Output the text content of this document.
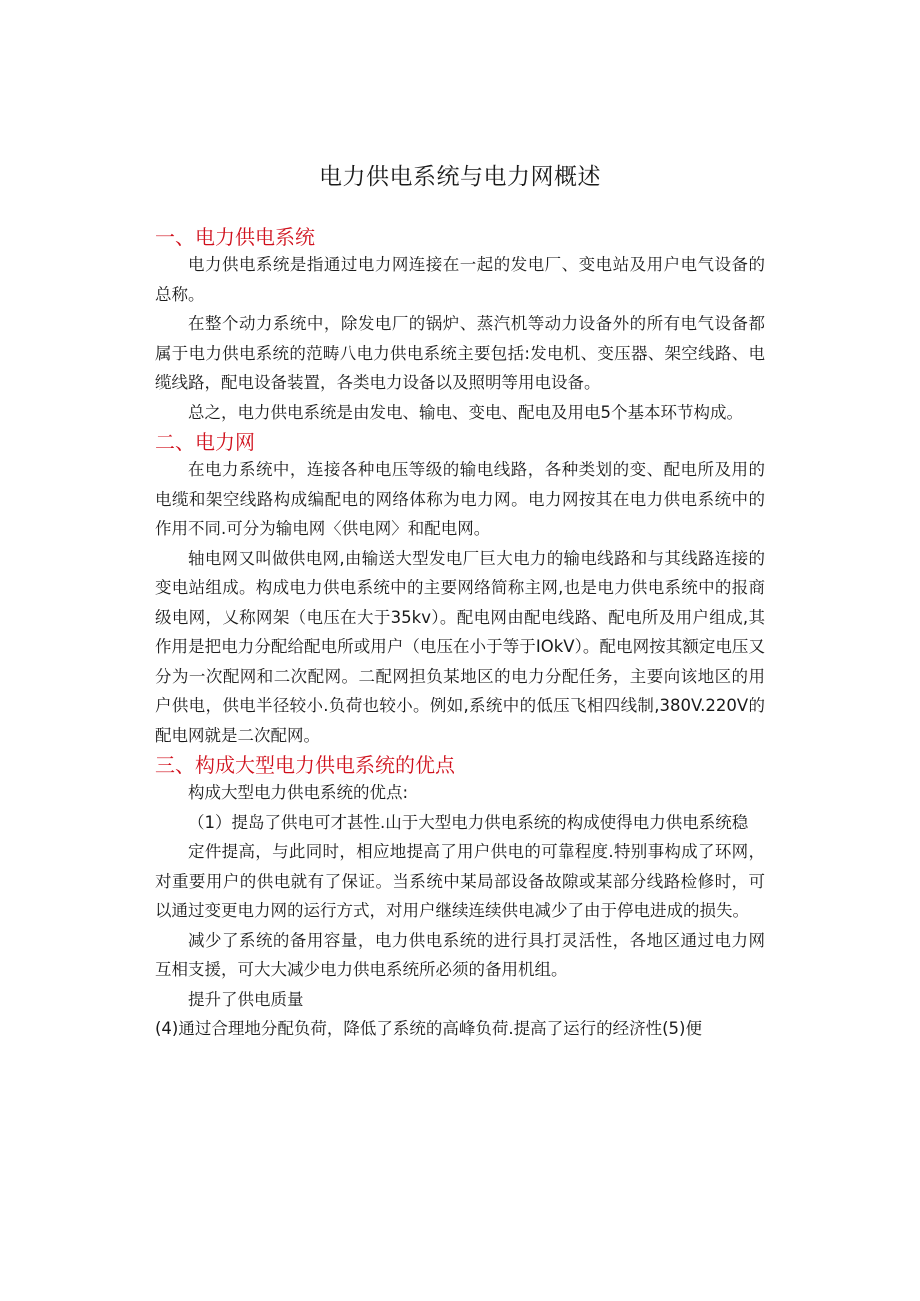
电力供电系统与电力网概述
一、电力供电系统

电力供电系统是指通过电力网连接在一起的发电厂、变电站及用户电气设备的总称。

在整个动力系统中，除发电厂的锅炉、蒸汽机等动力设备外的所有电气设备都属于电力供电系统的范畴八电力供电系统主要包括:发电机、变压器、架空线路、电缆线路，配电设备装置，各类电力设备以及照明等用电设备。

总之，电力供电系统是由发电、输电、变电、配电及用电5个基本环节构成。

二、电力网

在电力系统中，连接各种电压等级的输电线路，各种类划的变、配电所及用的电缆和架空线路构成编配电的网络体称为电力网。电力网按其在电力供电系统中的作用不同.可分为输电网〈供电网〉和配电网。

轴电网又叫做供电网,由输送大型发电厂巨大电力的输电线路和与其线路连接的变电站组成。构成电力供电系统中的主要网络简称主网,也是电力供电系统中的报商级电网，乂称网架（电压在大于35kv）。配电网由配电线路、配电所及用户组成,其作用是把电力分配给配电所或用户（电压在小于等于IOkV）。配电网按其额定电压又分为一次配网和二次配网。二配网担负某地区的电力分配任务，主要向该地区的用户供电，供电半径较小.负荷也较小。例如,系统中的低压飞相四线制,380V.220V的配电网就是二次配网。

三、构成大型电力供电系统的优点

构成大型电力供电系统的优点:

（1）提岛了供电可才甚性.山于大型电力供电系统的构成使得电力供电系统稳

定件提高，与此同时，相应地提高了用户供电的可靠程度.特别事构成了环网，对重要用户的供电就有了保证。当系统中某局部设备故隙或某部分线路检修时，可以通过变更电力网的运行方式，对用户继续连续供电减少了由于停电进成的损失。

减少了系统的备用容量，电力供电系统的进行具打灵活性，各地区通过电力网互相支援，可大大减少电力供电系统所必须的备用机组。

提升了供电质量

(4)通过合理地分配负荷，降低了系统的高峰负荷.提高了运行的经济性(5)便
